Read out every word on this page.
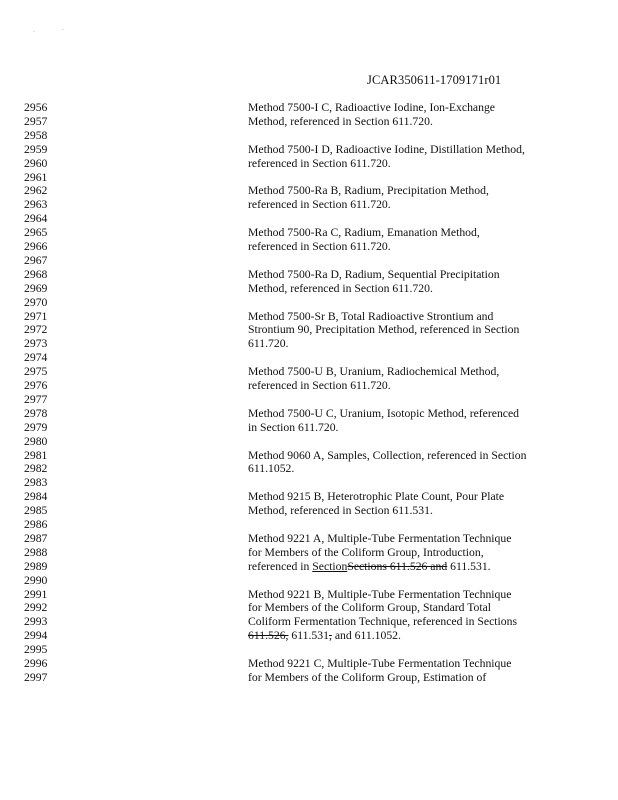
.	.
JCAR350611-1709171r01
2956	Method 7500-I C, Radioactive Iodine, Ion-Exchange
2957	Method, referenced in Section 611.720.
2958
2959	Method 7500-I D, Radioactive Iodine, Distillation Method,
2960	referenced in Section 611.720.
2961
2962	Method 7500-Ra B, Radium, Precipitation Method,
2963	referenced in Section 611.720.
2964
2965	Method 7500-Ra C, Radium, Emanation Method,
2966	referenced in Section 611.720.
2967
2968	Method 7500-Ra D, Radium, Sequential Precipitation
2969	Method, referenced in Section 611.720.
2970
2971	Method 7500-Sr B, Total Radioactive Strontium and
2972	Strontium 90, Precipitation Method, referenced in Section
2973	611.720.
2974
2975	Method 7500-U B, Uranium, Radiochemical Method,
2976	referenced in Section 611.720.
2977
2978	Method 7500-U C, Uranium, Isotopic Method, referenced
2979	in Section 611.720.
2980
2981	Method 9060 A, Samples, Collection, referenced in Section
2982	611.1052.
2983
2984	Method 9215 B, Heterotrophic Plate Count, Pour Plate
2985	Method, referenced in Section 611.531.
2986
2987	Method 9221 A, Multiple-Tube Fermentation Technique
2988	for Members of the Coliform Group, Introduction,
2989	referenced in SectionSections 611.526 and 611.531.
2990
2991	Method 9221 B, Multiple-Tube Fermentation Technique
2992	for Members of the Coliform Group, Standard Total
2993	Coliform Fermentation Technique, referenced in Sections
2994	611.526, 611.531, and 611.1052.
2995
2996	Method 9221 C, Multiple-Tube Fermentation Technique
2997	for Members of the Coliform Group, Estimation of
